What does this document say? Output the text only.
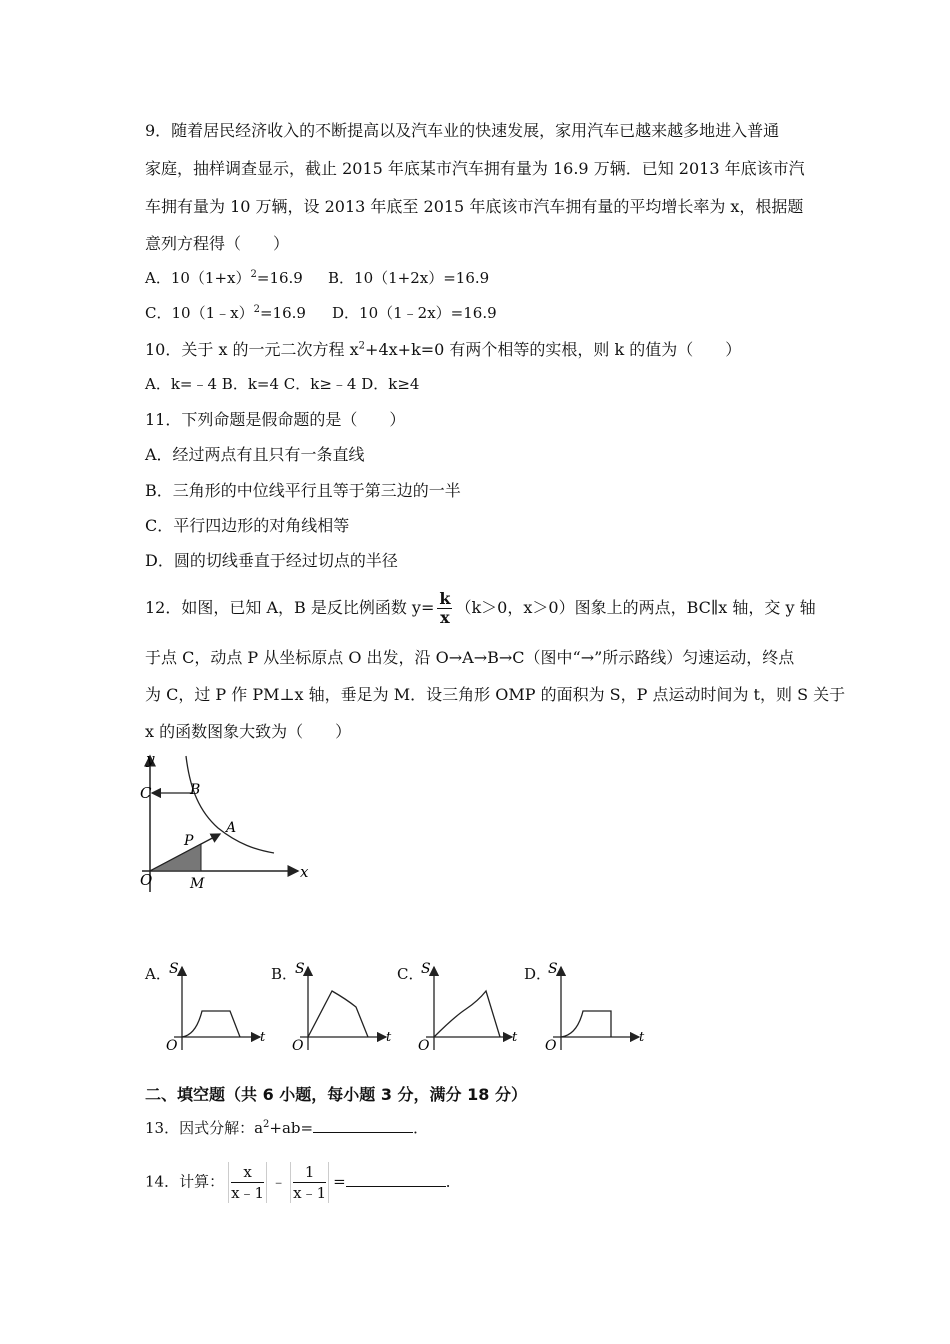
9．随着居民经济收入的不断提高以及汽车业的快速发展，家用汽车已越来越多地进入普通
家庭，抽样调查显示，截止 2015 年底某市汽车拥有量为 16.9 万辆．已知 2013 年底该市汽
车拥有量为 10 万辆，设 2013 年底至 2015 年底该市汽车拥有量的平均增长率为 x，根据题
意列方程得（　　）
A．$10(1+x)^2=16.9$ B．10（1+2x）=16.9
C．10（1﹣x）$^2$=16.9 D．10（1﹣2x）=16.9
10．关于 x 的一元二次方程 $x^2+4x+k=0$ 有两个相等的实根，则 k 的值为（　　）
A．k=﹣4 B．k=4 C．k≥﹣4 D．k≥4
11．下列命题是假命题的是（　　）
A．经过两点有且只有一条直线
B．三角形的中位线平行且等于第三边的一半
C．平行四边形的对角线相等
D．圆的切线垂直于经过切点的半径
12．如图，已知 A，B 是反比例函数 $y= \frac{k}{x} (k>0$，x＞0）图象上的两点，BC∥x 轴，交 y 轴
于点 C，动点 P 从坐标原点 O 出发，沿 O→A→B→C（图中“→”所示路线）匀速运动，终点
为 C，过 P 作 PM⊥x 轴，垂足为 M．设三角形 OMP 的面积为 S，P 点运动时间为 t，则 S 关于
x 的函数图象大致为（　　）
y
C	B
A
P
O	M
x
A．
S
O
t
B．
S
O
t
C．
S
O
t
D．
S
O
t
二、填空题（共 6 小题，每小题 3 分，满分 18 分）
13．因式分解：$a^2+ab=$	．
14．计算： $\frac{x}{x﹣1}$ ﹣ $\frac{1}{x﹣1}$ =	．
